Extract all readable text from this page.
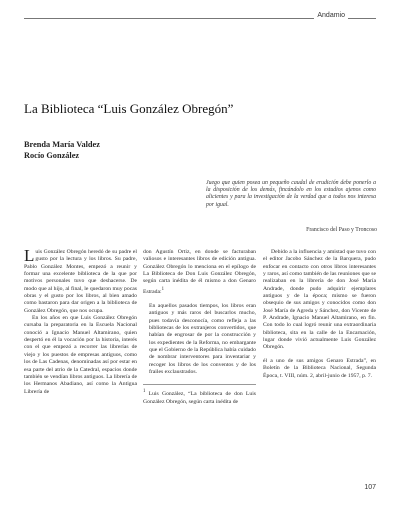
Andamio
La Biblioteca “Luis González Obregón”
Brenda María Valdez
Rocío González
Juego que quien posea un pequeño caudal de erudición debe ponerlo a la disposición de los demás, fincándolo en los estudios ajenos como alicientes y para la investigación de la verdad que a todos nos interesa por igual.
Francisco del Paso y Troncoso

Luis González Obregón heredó de su padre el gusto por la lectura y los libros. Su padre, Pablo González Montes, empezó a reunir y formar una excelente biblioteca de la que por motivos personales tuvo que deshacerse. De modo que al hijo, al final, le quedaron muy pocas obras y el gusto por los libros, al bien amado como bastaron para dar origen a la biblioteca de González Obregón, que nos ocupa.

En los años en que Luis González Obregón cursaba la preparatoria en la Escuela Nacional conoció a Ignacio Manuel Altamirano, quien despertó en él la vocación por la historia, interés con el que empezó a recorrer las librerías de viejo y los puestos de empresas antiguos, como los de Las Cadenas, denominadas así por estar en esa parte del atrio de la Catedral, espacios donde también se vendían libros antiguos. La librería de los Hermanos Abadiano, así como la Antigua Librería de

don Agustín Ortiz, en donde se facturaban valiosos e interesantes libros de edición antigua. González Obregón lo menciona en el epílogo de La Biblioteca de Don Luis González Obregón, según carta inédita de él mismo a don Genaro Estrada:$^1$

En aquellos pasados tiempos, los libros eran antiguos y más raros del buscarlos mucho, pues todavía desconocía, como refleja a las bibliotecas de los extranjeros convertidos, que habían de engrosar de por la construcción y los expedientes de la Reforma, no embargante que el Gobierno de la República había cuidado de nombrar interventores para inventariar y recoger los libros de los conventos y de los frailes exclaustrados.

$^1$ Luis González, “La biblioteca de don Luis González Obregón, según carta inédita de

Debido a la influencia y amistad que tuvo con el editor Jacobo Sánchez de la Barquera, pudo enfocar en contacto con otros libros interesantes y raros, así como también de las reuniones que se realizaban en la librería de don José María Andrade, donde pudo adquirir ejemplares antiguos y de la época; mismo se fueron obsequio de sus amigos y conocidos como don José María de Agreda y Sánchez, don Vicente de P. Andrade, Ignacio Manuel Altamirano, en fin. Con todo lo cual logró reunir una extraordinaria biblioteca, sita en la calle de la Encarnación, lugar donde vivió actualmente Luis González Obregón.

él a uno de sus amigos Genaro Estrada”, en Boletín de la Biblioteca Nacional, Segunda Época, t. VIII, núm. 2, abril-junio de 1957, p. 7.

107
